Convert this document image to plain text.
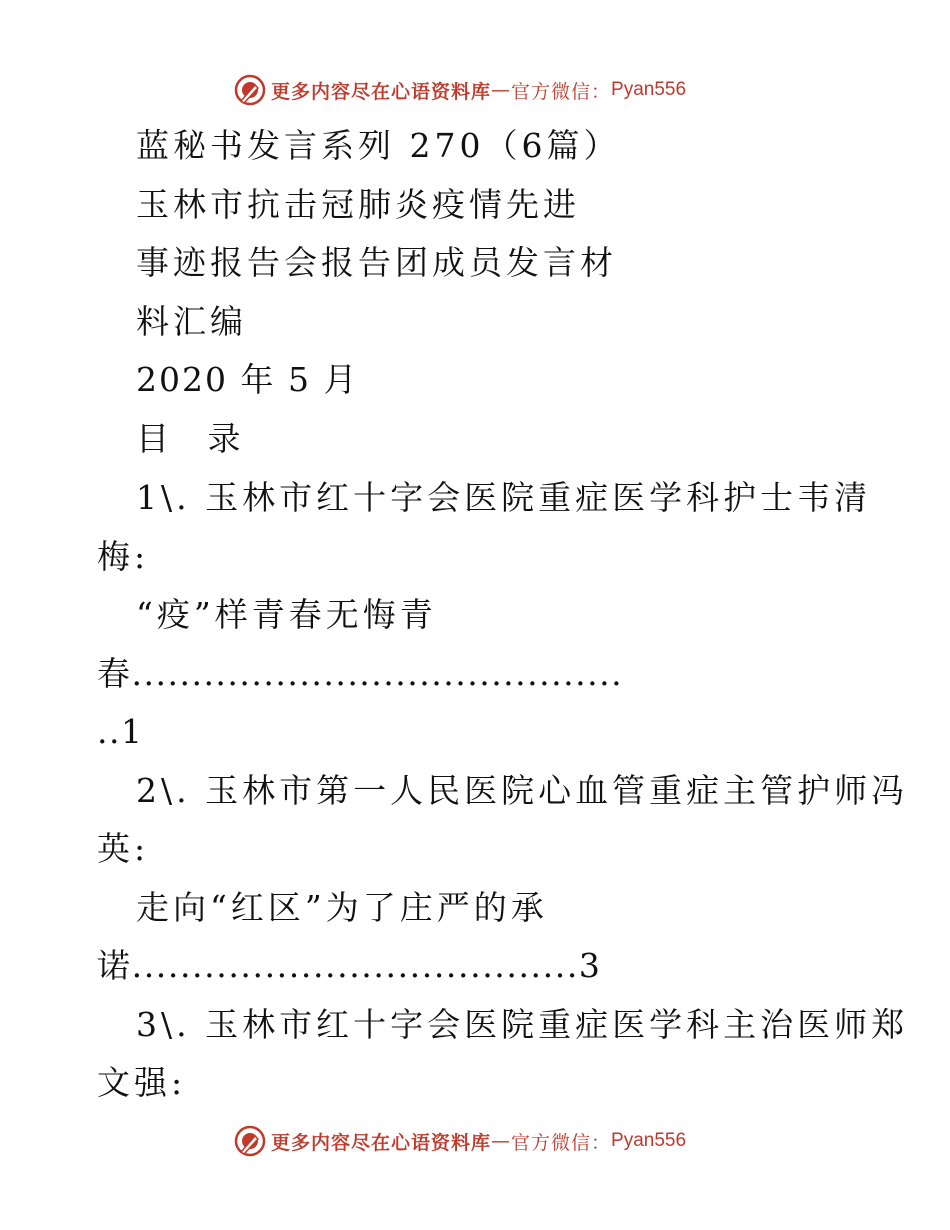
更多内容尽在心语资料库 — 官方微信： Pyan556
蓝秘书发言系列 270（6篇）
玉林市抗击冠肺炎疫情先进
事迹报告会报告团成员发言材
料汇编
2020 年 5 月
目 录
1\. 玉林市红十字会医院重症医学科护士韦清
梅:
“疫”样青春无悔青
春.........................................
..1
2\. 玉林市第一人民医院心血管重症主管护师冯
英:
走向“红区”为了庄严的承
诺.....................................3
3\. 玉林市红十字会医院重症医学科主治医师郑
文强:
更多内容尽在心语资料库 — 官方微信： Pyan556
